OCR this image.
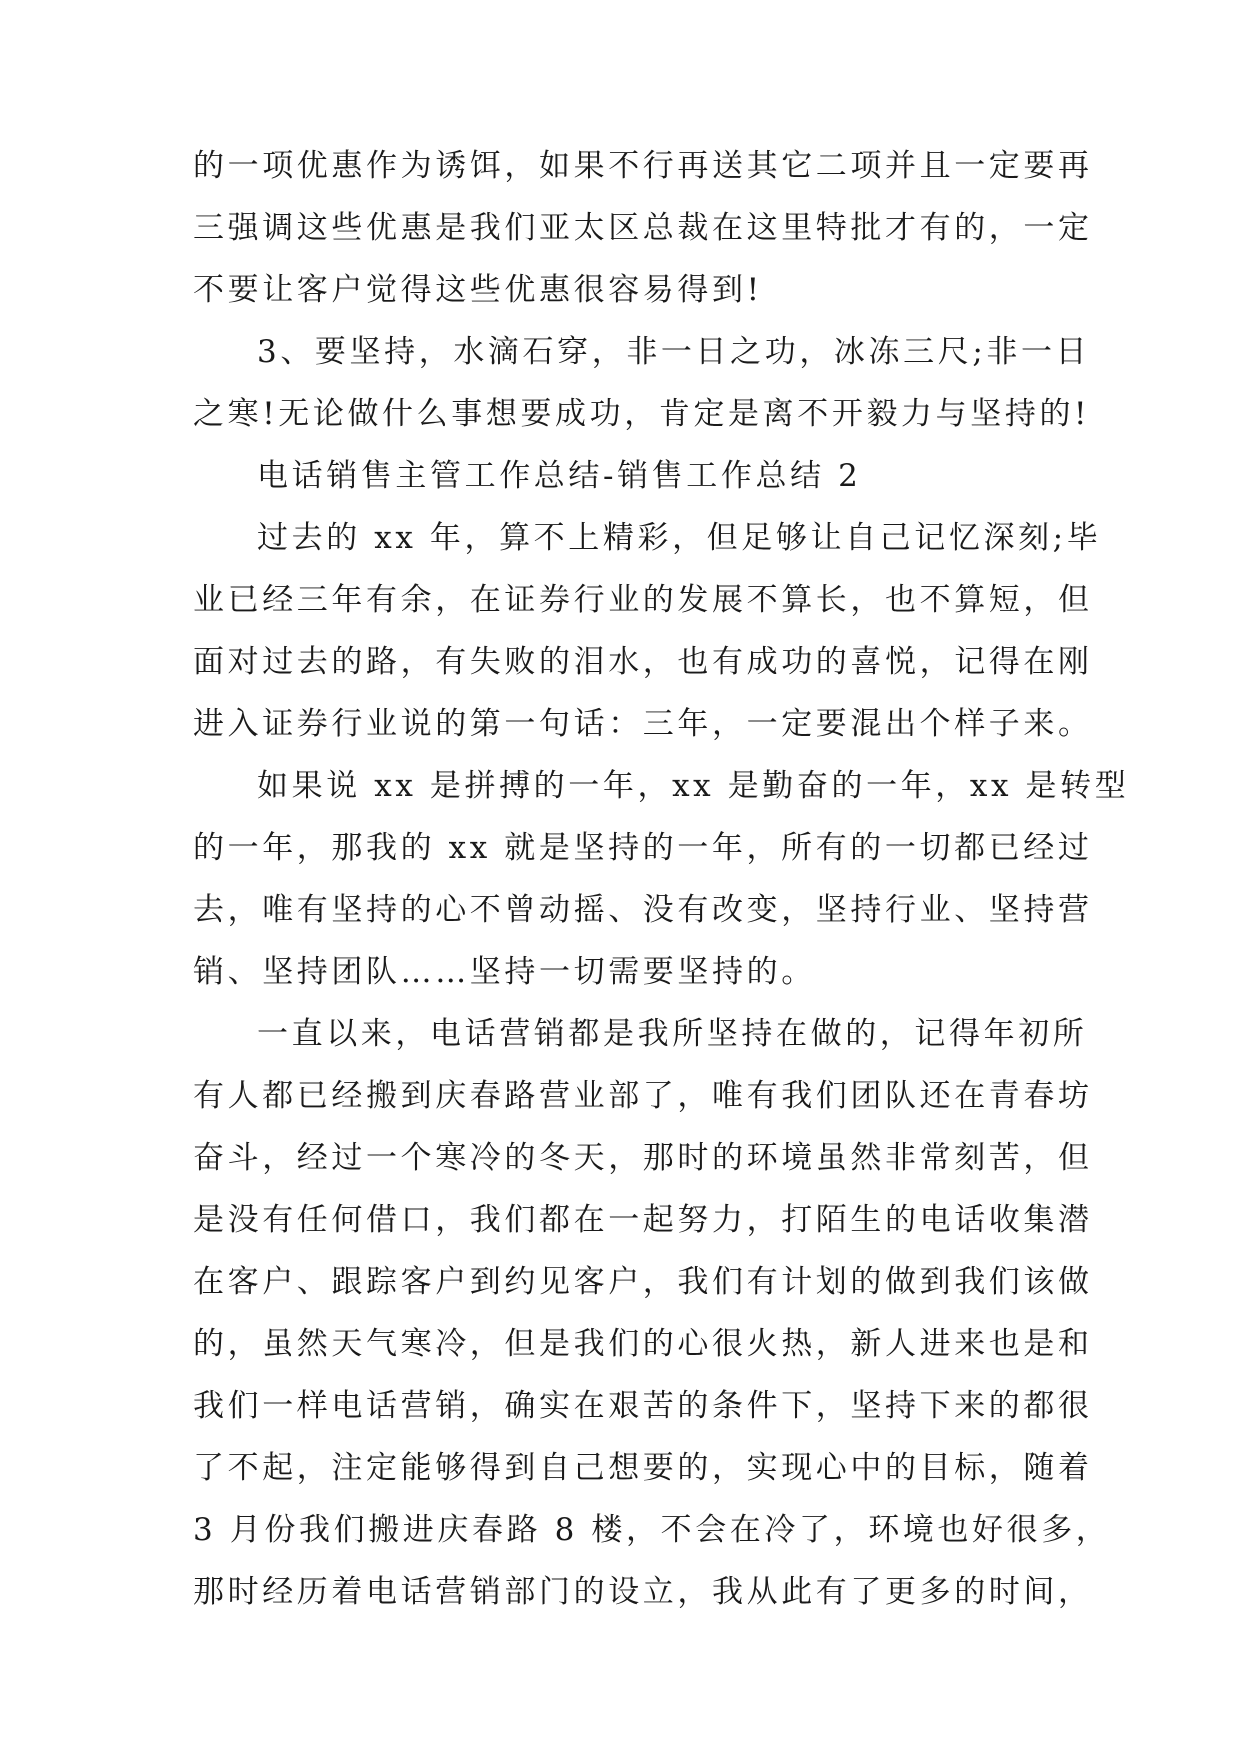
的一项优惠作为诱饵，如果不行再送其它二项并且一定要再
三强调这些优惠是我们亚太区总裁在这里特批才有的，一定
不要让客户觉得这些优惠很容易得到!
3、要坚持，水滴石穿，非一日之功，冰冻三尺;非一日
之寒!无论做什么事想要成功，肯定是离不开毅力与坚持的!
电话销售主管工作总结-销售工作总结 2
过去的 xx 年，算不上精彩，但足够让自己记忆深刻;毕
业已经三年有余，在证券行业的发展不算长，也不算短，但
面对过去的路，有失败的泪水，也有成功的喜悦，记得在刚
进入证券行业说的第一句话：三年，一定要混出个样子来。
如果说 xx 是拼搏的一年，xx 是勤奋的一年，xx 是转型
的一年，那我的 xx 就是坚持的一年，所有的一切都已经过
去，唯有坚持的心不曾动摇、没有改变，坚持行业、坚持营
销、坚持团队……坚持一切需要坚持的。
一直以来，电话营销都是我所坚持在做的，记得年初所
有人都已经搬到庆春路营业部了，唯有我们团队还在青春坊
奋斗，经过一个寒冷的冬天，那时的环境虽然非常刻苦，但
是没有任何借口，我们都在一起努力，打陌生的电话收集潜
在客户、跟踪客户到约见客户，我们有计划的做到我们该做
的，虽然天气寒冷，但是我们的心很火热，新人进来也是和
我们一样电话营销，确实在艰苦的条件下，坚持下来的都很
了不起，注定能够得到自己想要的，实现心中的目标，随着
3 月份我们搬进庆春路 8 楼，不会在冷了，环境也好很多，
那时经历着电话营销部门的设立，我从此有了更多的时间，
